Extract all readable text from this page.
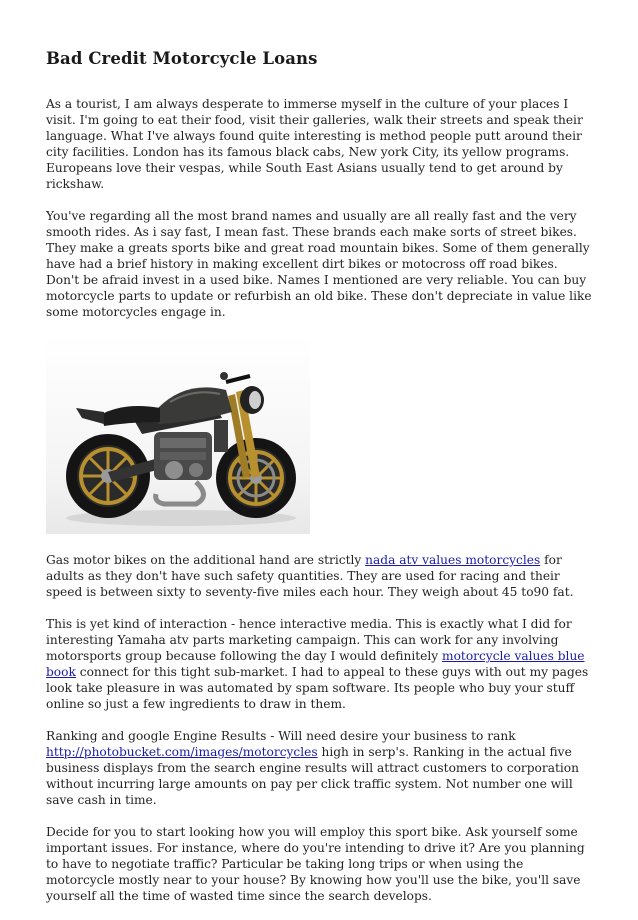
Bad Credit Motorcycle Loans

As a tourist, I am always desperate to immerse myself in the culture of your places I visit. I'm going to eat their food, visit their galleries, walk their streets and speak their language. What I've always found quite interesting is method people putt around their city facilities. London has its famous black cabs, New york City, its yellow programs. Europeans love their vespas, while South East Asians usually tend to get around by rickshaw.

You've regarding all the most brand names and usually are all really fast and the very smooth rides. As i say fast, I mean fast. These brands each make sorts of street bikes. They make a greats sports bike and great road mountain bikes. Some of them generally have had a brief history in making excellent dirt bikes or motocross off road bikes. Don't be afraid invest in a used bike. Names I mentioned are very reliable. You can buy motorcycle parts to update or refurbish an old bike. These don't depreciate in value like some motorcycles engage in.

Gas motor bikes on the additional hand are strictly nada atv values motorcycles for adults as they don't have such safety quantities. They are used for racing and their speed is between sixty to seventy-five miles each hour. They weigh about 45 to90 fat.

This is yet kind of interaction - hence interactive media. This is exactly what I did for interesting Yamaha atv parts marketing campaign. This can work for any involving motorsports group because following the day I would definitely motorcycle values blue book connect for this tight sub-market. I had to appeal to these guys with out my pages look take pleasure in was automated by spam software. Its people who buy your stuff online so just a few ingredients to draw in them.

Ranking and google Engine Results - Will need desire your business to rank http://photobucket.com/images/motorcycles high in serp's. Ranking in the actual five business displays from the search engine results will attract customers to corporation without incurring large amounts on pay per click traffic system. Not number one will save cash in time.

Decide for you to start looking how you will employ this sport bike. Ask yourself some important issues. For instance, where do you're intending to drive it? Are you planning to have to negotiate traffic? Particular be taking long trips or when using the motorcycle mostly near to your house? By knowing how you'll use the bike, you'll save yourself all the time of wasted time since the search develops.
